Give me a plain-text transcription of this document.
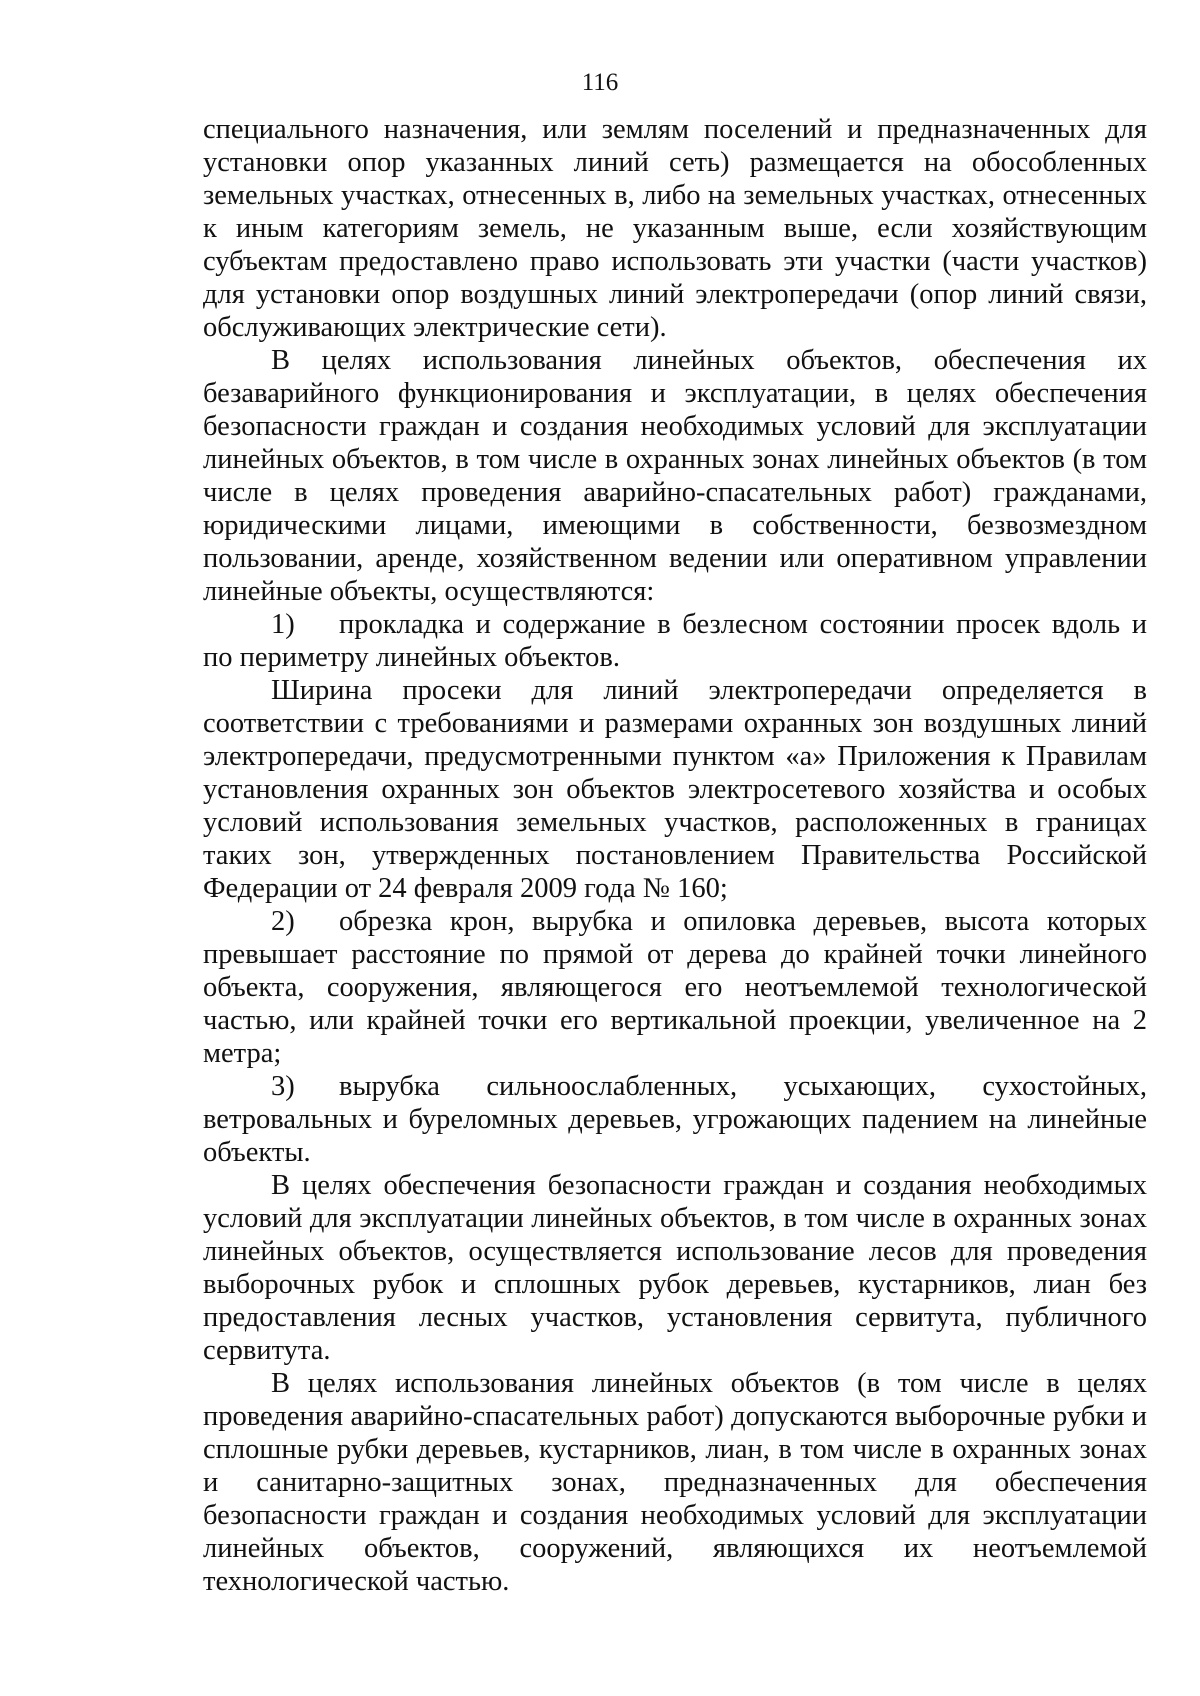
116

специального назначения, или землям поселений и предназначенных для установки опор указанных линий сеть) размещается на обособленных земельных участках, отнесенных в, либо на земельных участках, отнесенных к иным категориям земель, не указанным выше, если хозяйствующим субъектам предоставлено право использовать эти участки (части участков) для установки опор воздушных линий электропередачи (опор линий связи, обслуживающих электрические сети).

В целях использования линейных объектов, обеспечения их безаварийного функционирования и эксплуатации, в целях обеспечения безопасности граждан и создания необходимых условий для эксплуатации линейных объектов, в том числе в охранных зонах линейных объектов (в том числе в целях проведения аварийно-спасательных работ) гражданами, юридическими лицами, имеющими в собственности, безвозмездном пользовании, аренде, хозяйственном ведении или оперативном управлении линейные объекты, осуществляются:

1) прокладка и содержание в безлесном состоянии просек вдоль и по периметру линейных объектов.

Ширина просеки для линий электропередачи определяется в соответствии с требованиями и размерами охранных зон воздушных линий электропередачи, предусмотренными пунктом «а» Приложения к Правилам установления охранных зон объектов электросетевого хозяйства и особых условий использования земельных участков, расположенных в границах таких зон, утвержденных постановлением Правительства Российской Федерации от 24 февраля 2009 года № 160;

2) обрезка крон, вырубка и опиловка деревьев, высота которых превышает расстояние по прямой от дерева до крайней точки линейного объекта, сооружения, являющегося его неотъемлемой технологической частью, или крайней точки его вертикальной проекции, увеличенное на 2 метра;

3) вырубка сильноослабленных, усыхающих, сухостойных, ветровальных и буреломных деревьев, угрожающих падением на линейные объекты.

В целях обеспечения безопасности граждан и создания необходимых условий для эксплуатации линейных объектов, в том числе в охранных зонах линейных объектов, осуществляется использование лесов для проведения выборочных рубок и сплошных рубок деревьев, кустарников, лиан без предоставления лесных участков, установления сервитута, публичного сервитута.

В целях использования линейных объектов (в том числе в целях проведения аварийно-спасательных работ) допускаются выборочные рубки и сплошные рубки деревьев, кустарников, лиан, в том числе в охранных зонах и санитарно-защитных зонах, предназначенных для обеспечения безопасности граждан и создания необходимых условий для эксплуатации линейных объектов, сооружений, являющихся их неотъемлемой технологической частью.
